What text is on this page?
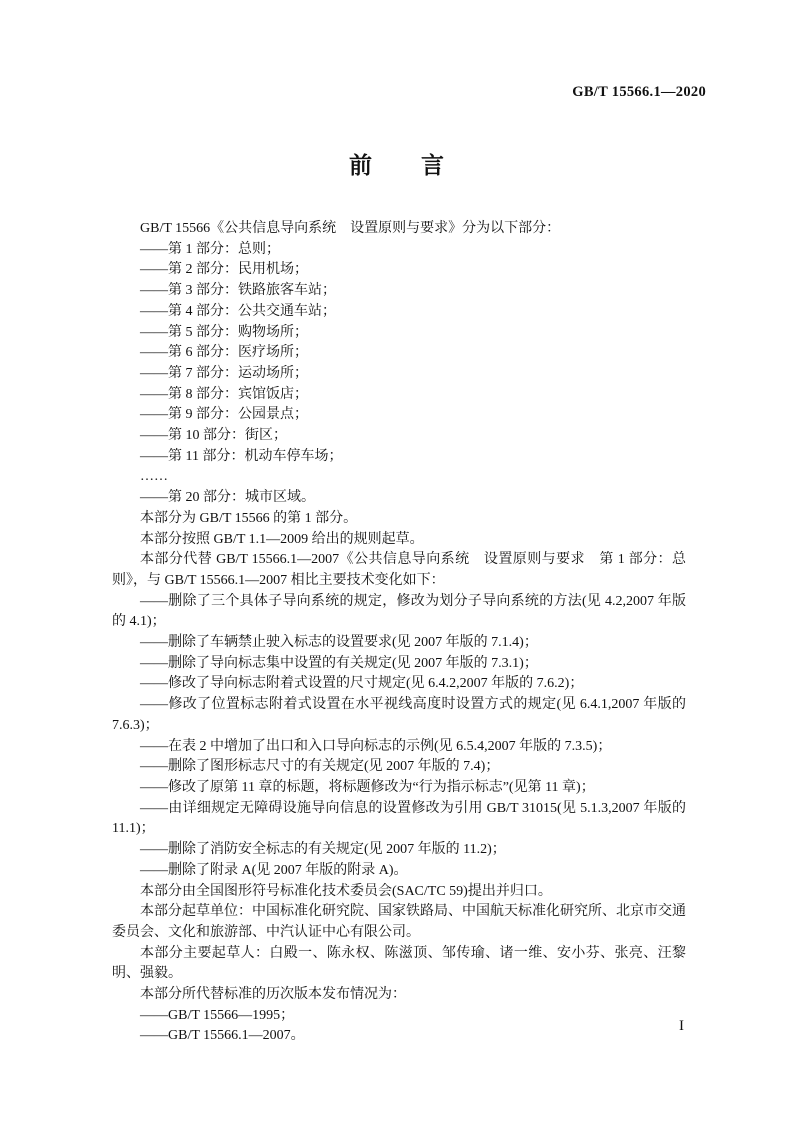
GB/T 15566.1—2020
前　　言

GB/T 15566《公共信息导向系统　设置原则与要求》分为以下部分：

——第 1 部分：总则；

——第 2 部分：民用机场；

——第 3 部分：铁路旅客车站；

——第 4 部分：公共交通车站；

——第 5 部分：购物场所；

——第 6 部分：医疗场所；

——第 7 部分：运动场所；

——第 8 部分：宾馆饭店；

——第 9 部分：公园景点；

——第 10 部分：街区；

——第 11 部分：机动车停车场；

……

——第 20 部分：城市区域。

本部分为 GB/T 15566 的第 1 部分。

本部分按照 GB/T 1.1—2009 给出的规则起草。

本部分代替 GB/T 15566.1—2007《公共信息导向系统　设置原则与要求　第 1 部分：总则》，与 GB/T 15566.1—2007 相比主要技术变化如下：

——删除了三个具体子导向系统的规定，修改为划分子导向系统的方法(见 4.2,2007 年版的 4.1)；

——删除了车辆禁止驶入标志的设置要求(见 2007 年版的 7.1.4)；

——删除了导向标志集中设置的有关规定(见 2007 年版的 7.3.1)；

——修改了导向标志附着式设置的尺寸规定(见 6.4.2,2007 年版的 7.6.2)；

——修改了位置标志附着式设置在水平视线高度时设置方式的规定(见 6.4.1,2007 年版的 7.6.3)；

——在表 2 中增加了出口和入口导向标志的示例(见 6.5.4,2007 年版的 7.3.5)；

——删除了图形标志尺寸的有关规定(见 2007 年版的 7.4)；

——修改了原第 11 章的标题，将标题修改为“行为指示标志”(见第 11 章)；

——由详细规定无障碍设施导向信息的设置修改为引用 GB/T 31015(见 5.1.3,2007 年版的 11.1)；

——删除了消防安全标志的有关规定(见 2007 年版的 11.2)；

——删除了附录 A(见 2007 年版的附录 A)。

本部分由全国图形符号标准化技术委员会(SAC/TC 59)提出并归口。

本部分起草单位：中国标准化研究院、国家铁路局、中国航天标准化研究所、北京市交通委员会、文化和旅游部、中汽认证中心有限公司。

本部分主要起草人：白殿一、陈永权、陈滋顶、邹传瑜、诸一维、安小芬、张亮、汪黎明、强毅。

本部分所代替标准的历次版本发布情况为：

——GB/T 15566—1995；

——GB/T 15566.1—2007。

I
